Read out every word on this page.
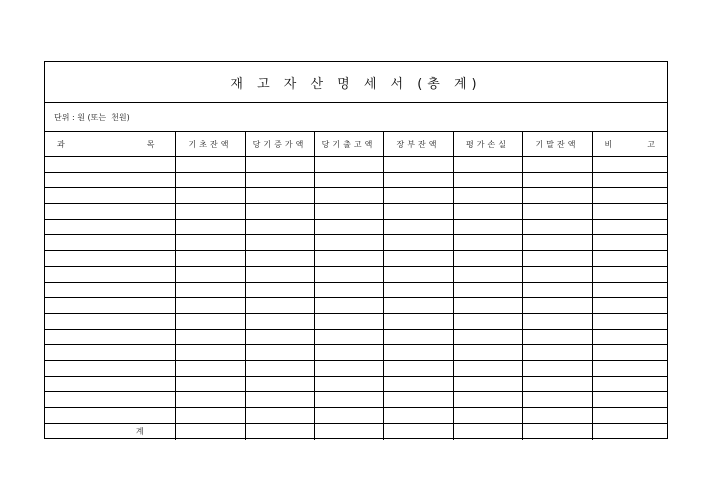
재 고 자 산 명 세 서 (총 계)
단위 : 원 (또는  천원)
과 목	기초잔액	당기증가액	당기출고액	장부잔액	평가손실	기말잔액	비 고

계							
